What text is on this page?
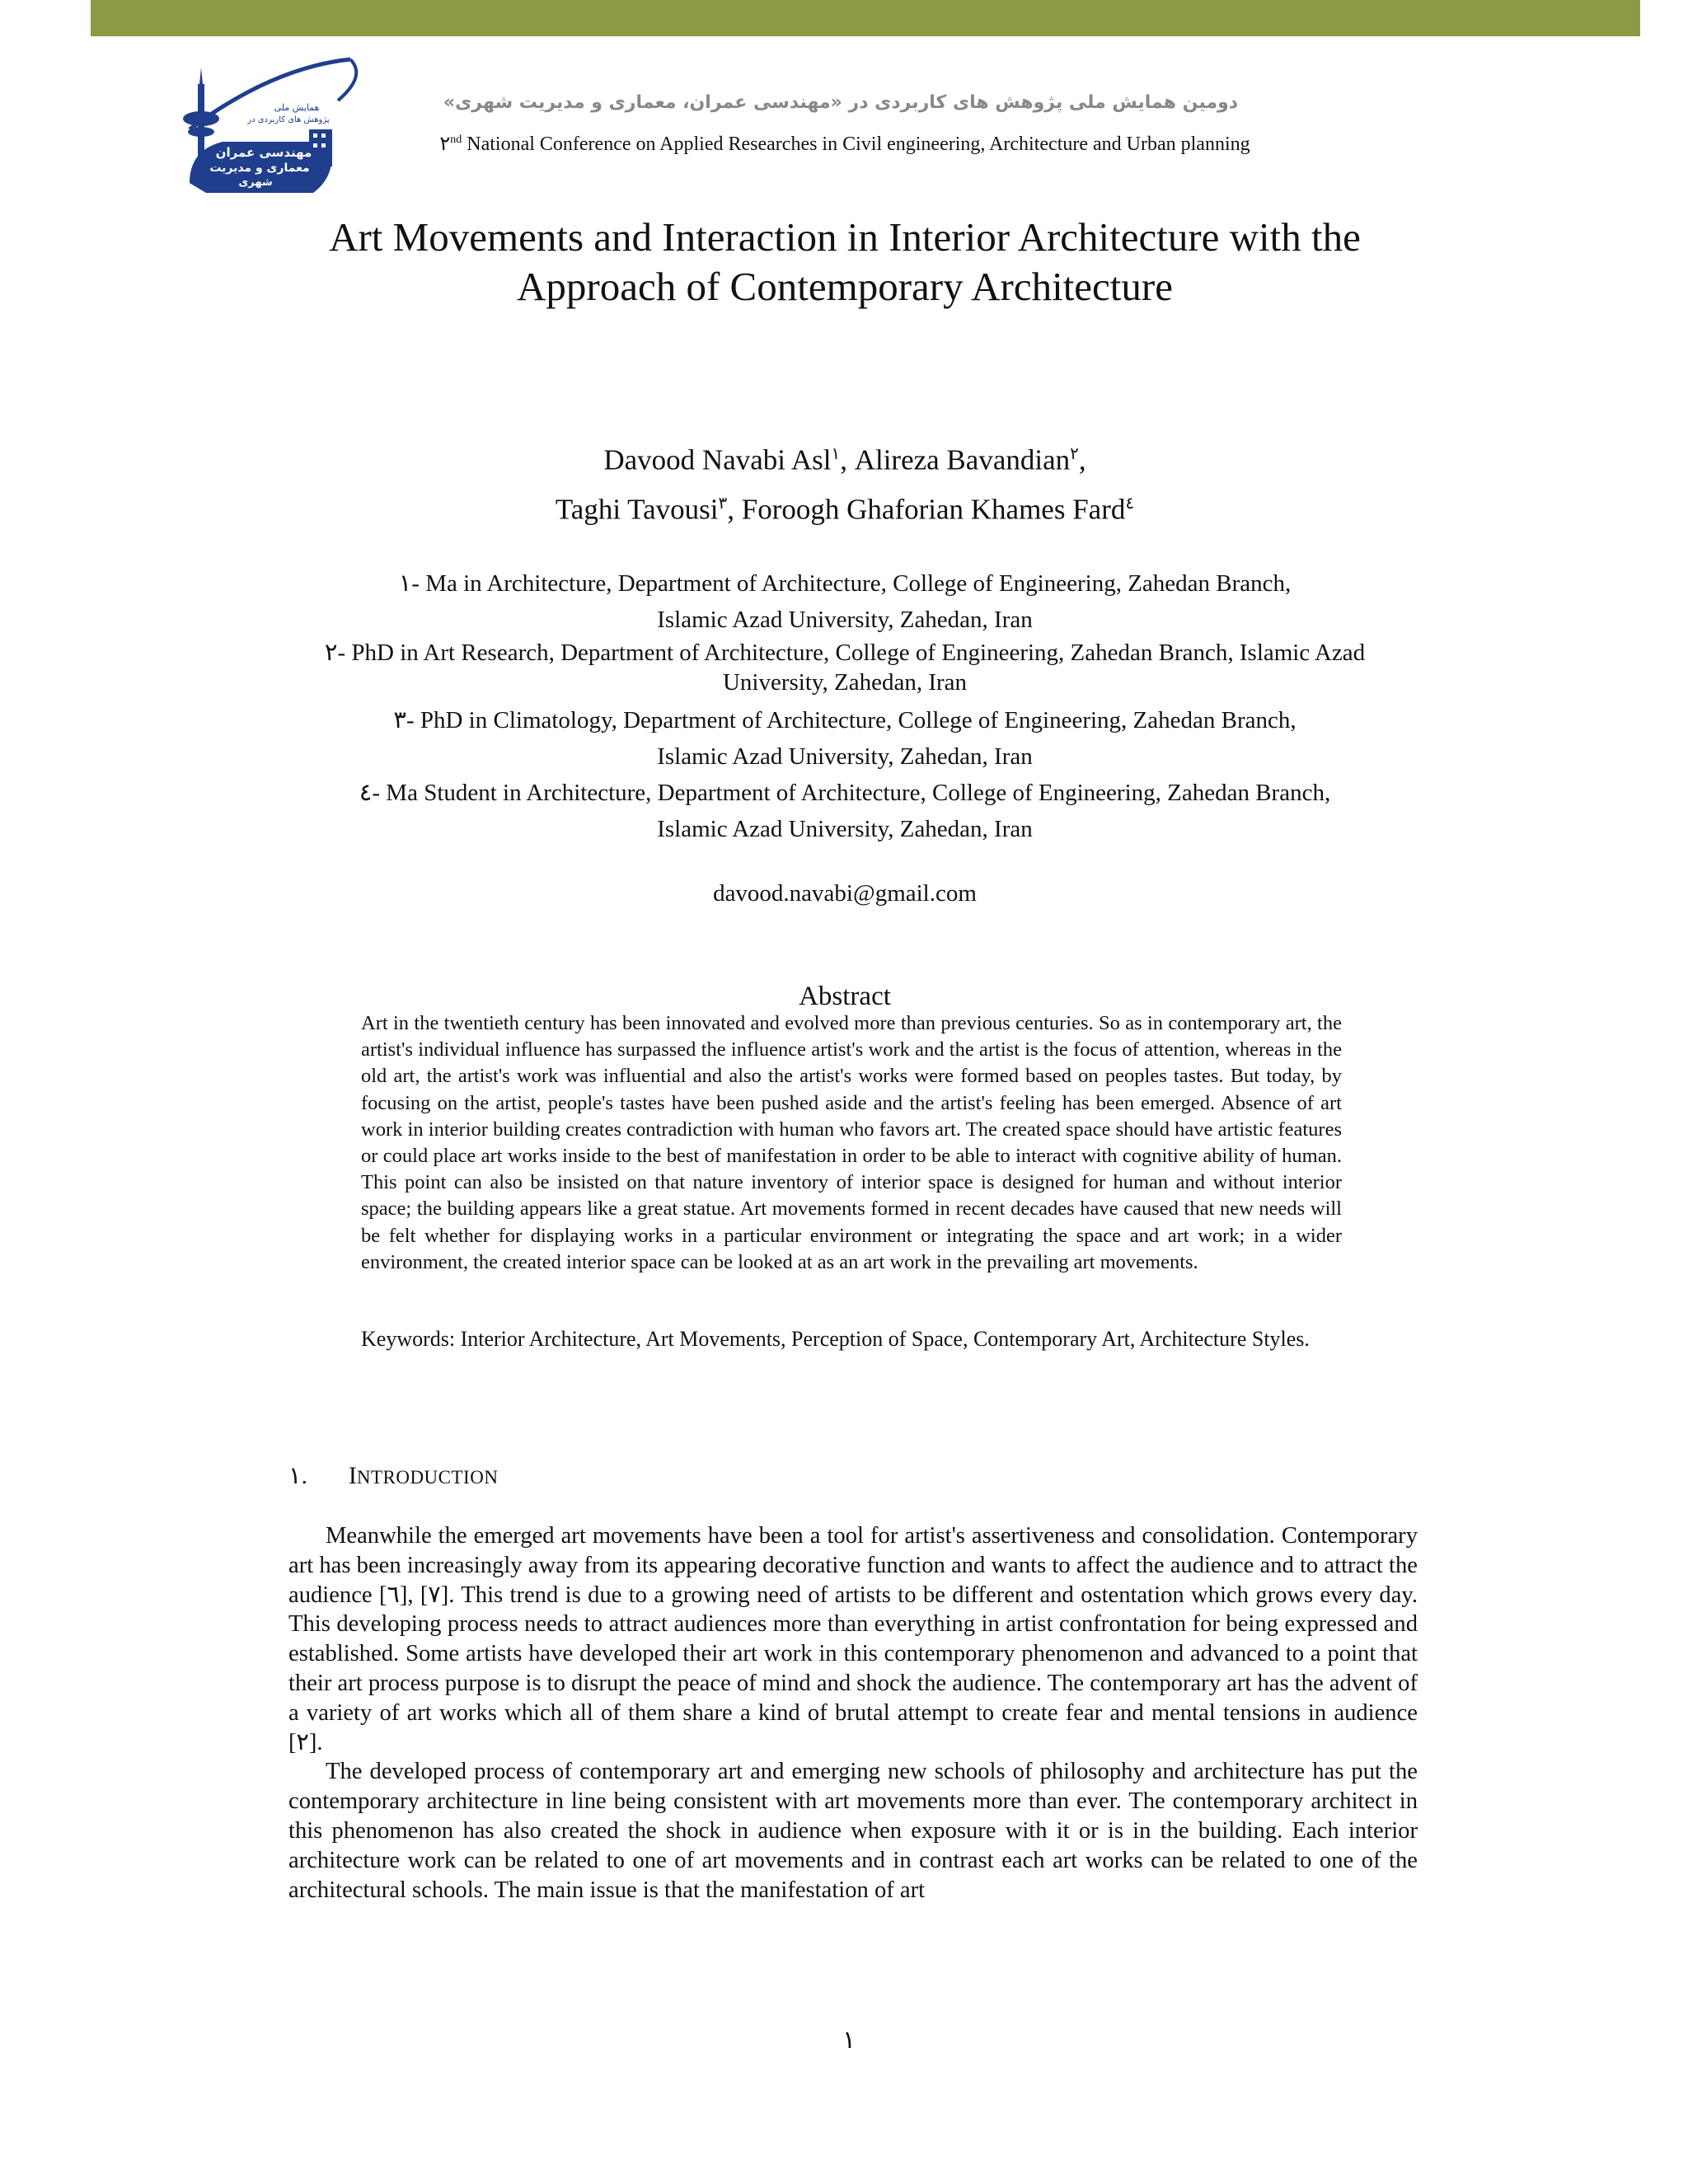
همایش ملی
پژوهش های کاربردی در
مهندسی عمران
معماری و مدیریت
شهری
دومین همایش ملی پژوهش های کاربردی در «مهندسی عمران، معماری و مدیریت شهری»
۲nd National Conference on Applied Researches in Civil engineering, Architecture and Urban planning
Art Movements and Interaction in Interior Architecture with the
Approach of Contemporary Architecture
Davood Navabi Asl$^۱$, Alireza Bavandian$^۲$,
Taghi Tavousi$^۳$, Foroogh Ghaforian Khames Fard$^٤$
۱- Ma in Architecture, Department of Architecture, College of Engineering, Zahedan Branch,
Islamic Azad University, Zahedan, Iran
۲- PhD in Art Research, Department of Architecture, College of Engineering, Zahedan Branch, Islamic Azad
University, Zahedan, Iran
۳- PhD in Climatology, Department of Architecture, College of Engineering, Zahedan Branch,
Islamic Azad University, Zahedan, Iran
٤- Ma Student in Architecture, Department of Architecture, College of Engineering, Zahedan Branch,
Islamic Azad University, Zahedan, Iran
davood.navabi@gmail.com
Abstract
Art in the twentieth century has been innovated and evolved more than previous centuries. So as in contemporary art, the artist's individual influence has surpassed the influence artist's work and the artist is the focus of attention, whereas in the old art, the artist's work was influential and also the artist's works were formed based on peoples tastes. But today, by focusing on the artist, people's tastes have been pushed aside and the artist's feeling has been emerged. Absence of art work in interior building creates contradiction with human who favors art. The created space should have artistic features or could place art works inside to the best of manifestation in order to be able to interact with cognitive ability of human. This point can also be insisted on that nature inventory of interior space is designed for human and without interior space; the building appears like a great statue. Art movements formed in recent decades have caused that new needs will be felt whether for displaying works in a particular environment or integrating the space and art work; in a wider environment, the created interior space can be looked at as an art work in the prevailing art movements.
Keywords: Interior Architecture, Art Movements, Perception of Space, Contemporary Art, Architecture Styles.
۱. INTRODUCTION

Meanwhile the emerged art movements have been a tool for artist's assertiveness and consolidation. Contemporary art has been increasingly away from its appearing decorative function and wants to affect the audience and to attract the audience [٦], [٧]. This trend is due to a growing need of artists to be different and ostentation which grows every day. This developing process needs to attract audiences more than everything in artist confrontation for being expressed and established. Some artists have developed their art work in this contemporary phenomenon and advanced to a point that their art process purpose is to disrupt the peace of mind and shock the audience. The contemporary art has the advent of a variety of art works which all of them share a kind of brutal attempt to create fear and mental tensions in audience [٢].

The developed process of contemporary art and emerging new schools of philosophy and architecture has put the contemporary architecture in line being consistent with art movements more than ever. The contemporary architect in this phenomenon has also created the shock in audience when exposure with it or is in the building. Each interior architecture work can be related to one of art movements and in contrast each art works can be related to one of the architectural schools. The main issue is that the manifestation of art

۱
